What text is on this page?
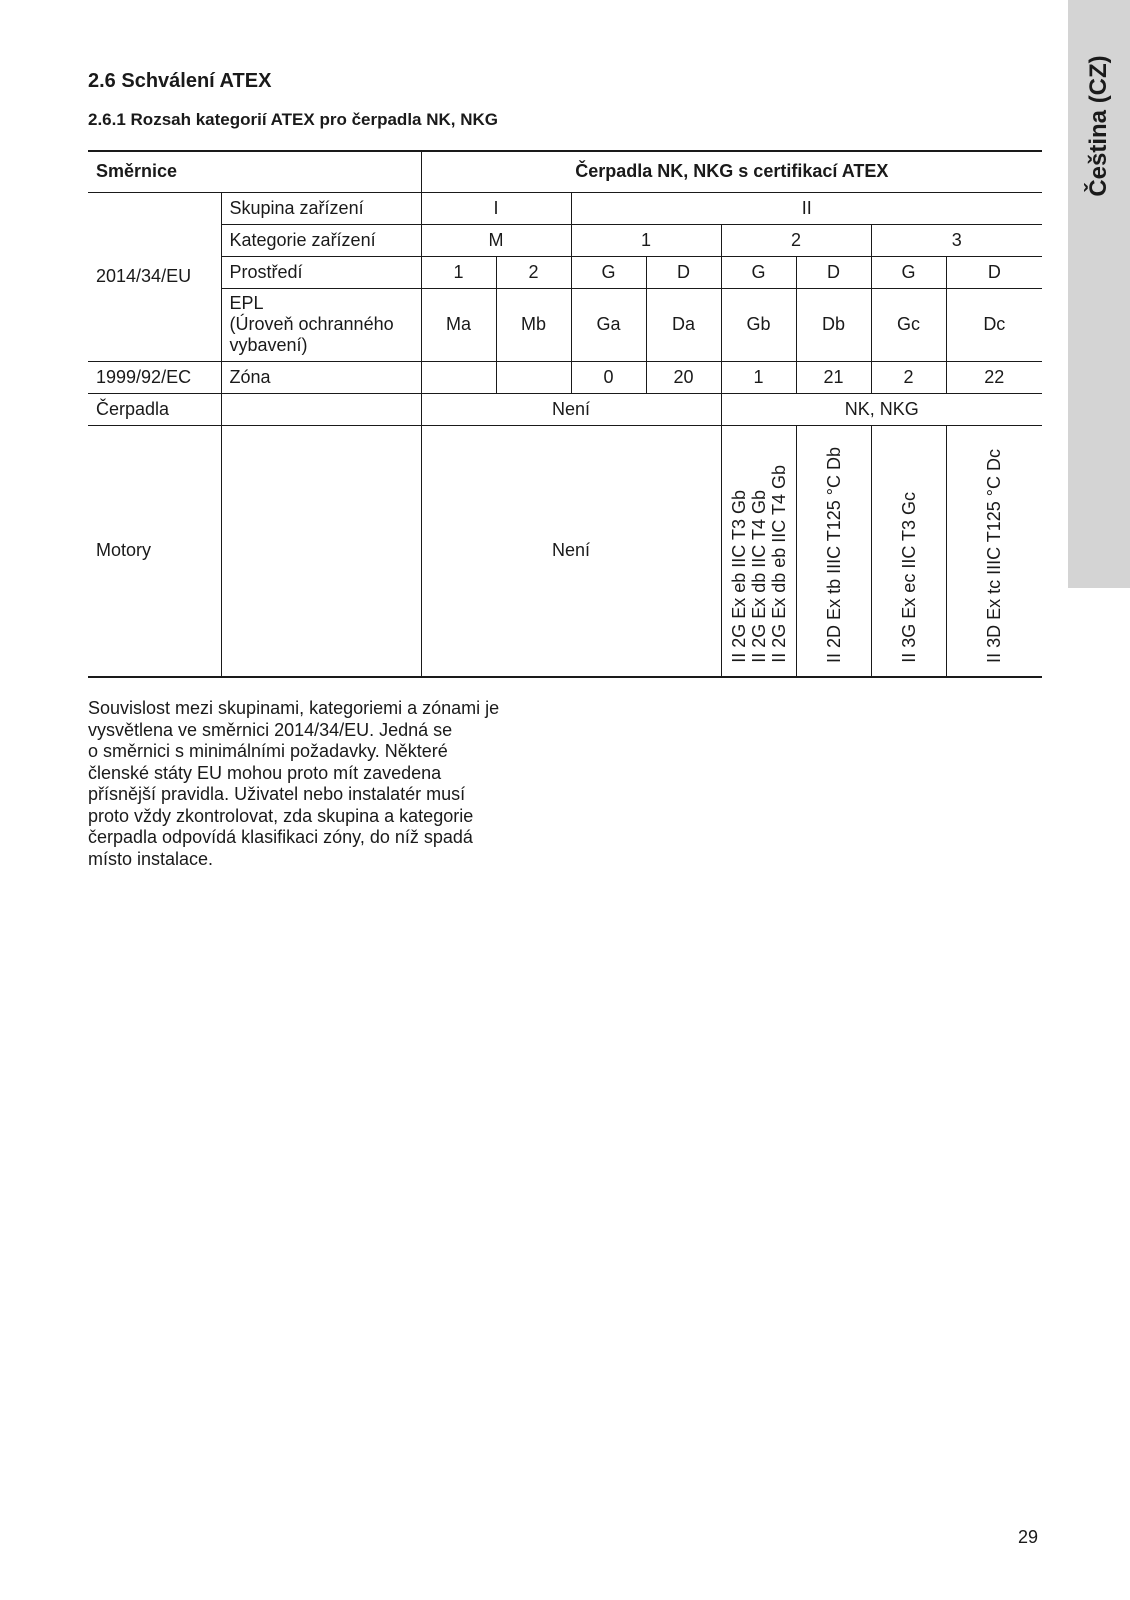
Čeština (CZ)
2.6 Schválení ATEX
2.6.1 Rozsah kategorií ATEX pro čerpadla NK, NKG
Směrnice		Čerpadla NK, NKG s certifikací ATEX							
2014/34/EU	Skupina zařízení	I		II					
	Kategorie zařízení	M		1		2		3	
	Prostředí	1	2	G	D	G	D	G	D
	EPL
(Úroveň ochranného
vybavení)	Ma	Mb	Ga	Da	Gb	Db	Gc	Dc
1999/92/EC	Zóna			0	20	1	21	2	22
Čerpadla		Není				NK, NKG			
Motory		Není				II 2G Ex eb IIC T3 Gb
II 2G Ex db IIC T4 Gb
II 2G Ex db eb IIC T4 Gb	II 2D Ex tb IIIC T125 °C Db	II 3G Ex ec IIC T3 Gc	II 3D Ex tc IIIC T125 °C Dc
Souvislost mezi skupinami, kategoriemi a zónami je
vysvětlena ve směrnici 2014/34/EU. Jedná se
o směrnici s minimálními požadavky. Některé
členské státy EU mohou proto mít zavedena
přísnější pravidla. Uživatel nebo instalatér musí
proto vždy zkontrolovat, zda skupina a kategorie
čerpadla odpovídá klasifikaci zóny, do níž spadá
místo instalace.
29
